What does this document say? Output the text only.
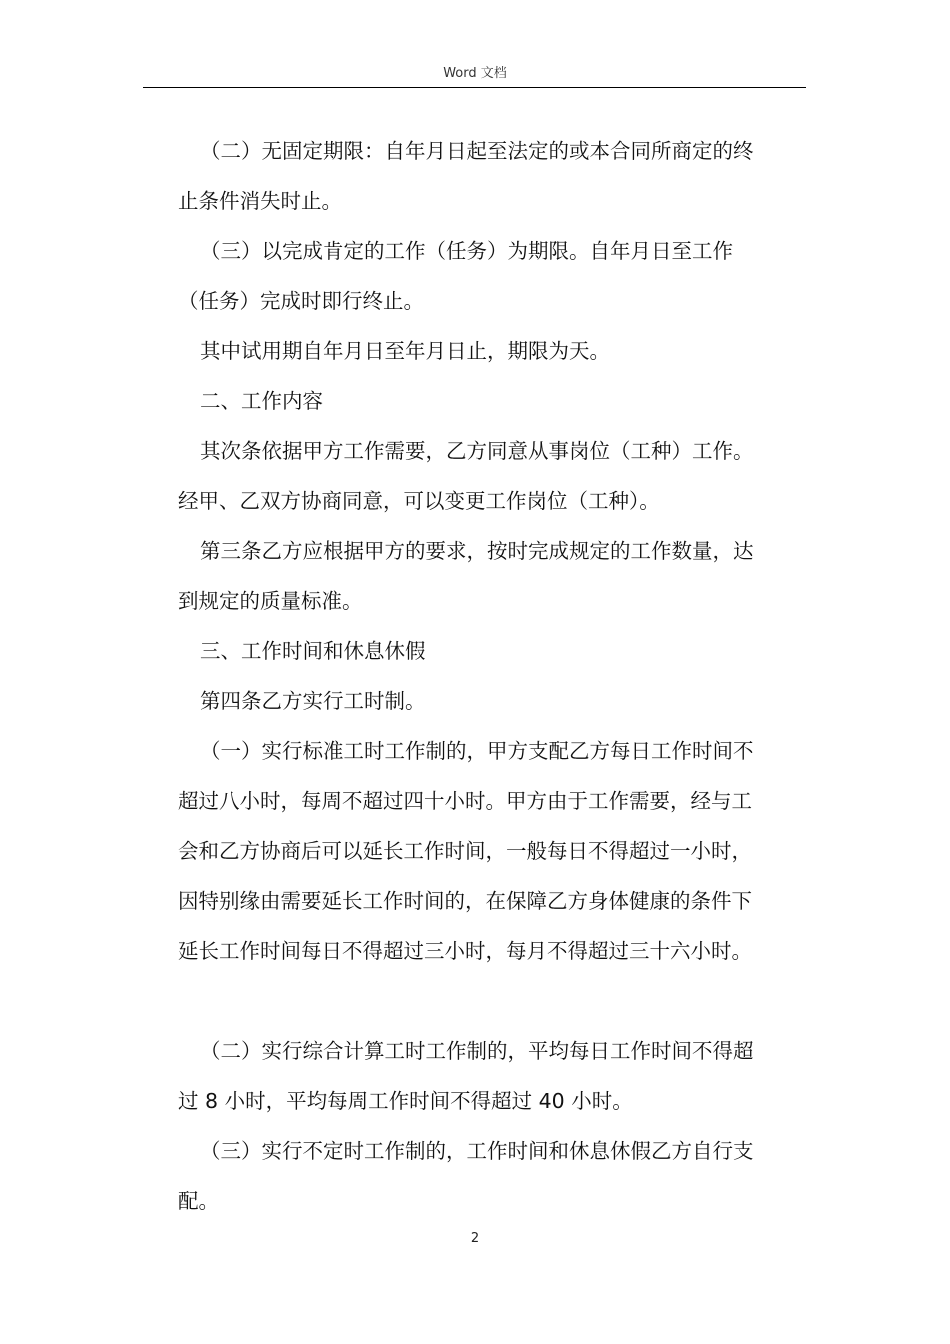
Word 文档

（二）无固定期限：自年月日起至法定的或本合同所商定的终

止条件消失时止。

（三）以完成肯定的工作（任务）为期限。自年月日至工作

（任务）完成时即行终止。

其中试用期自年月日至年月日止，期限为天。

二、工作内容

其次条依据甲方工作需要，乙方同意从事岗位（工种）工作。

经甲、乙双方协商同意，可以变更工作岗位（工种）。

第三条乙方应根据甲方的要求，按时完成规定的工作数量，达

到规定的质量标准。

三、工作时间和休息休假

第四条乙方实行工时制。

（一）实行标准工时工作制的，甲方支配乙方每日工作时间不

超过八小时，每周不超过四十小时。甲方由于工作需要，经与工

会和乙方协商后可以延长工作时间，一般每日不得超过一小时，

因特别缘由需要延长工作时间的，在保障乙方身体健康的条件下

延长工作时间每日不得超过三小时，每月不得超过三十六小时。

（二）实行综合计算工时工作制的，平均每日工作时间不得超

过 8 小时，平均每周工作时间不得超过 40 小时。

（三）实行不定时工作制的，工作时间和休息休假乙方自行支

配。

2
